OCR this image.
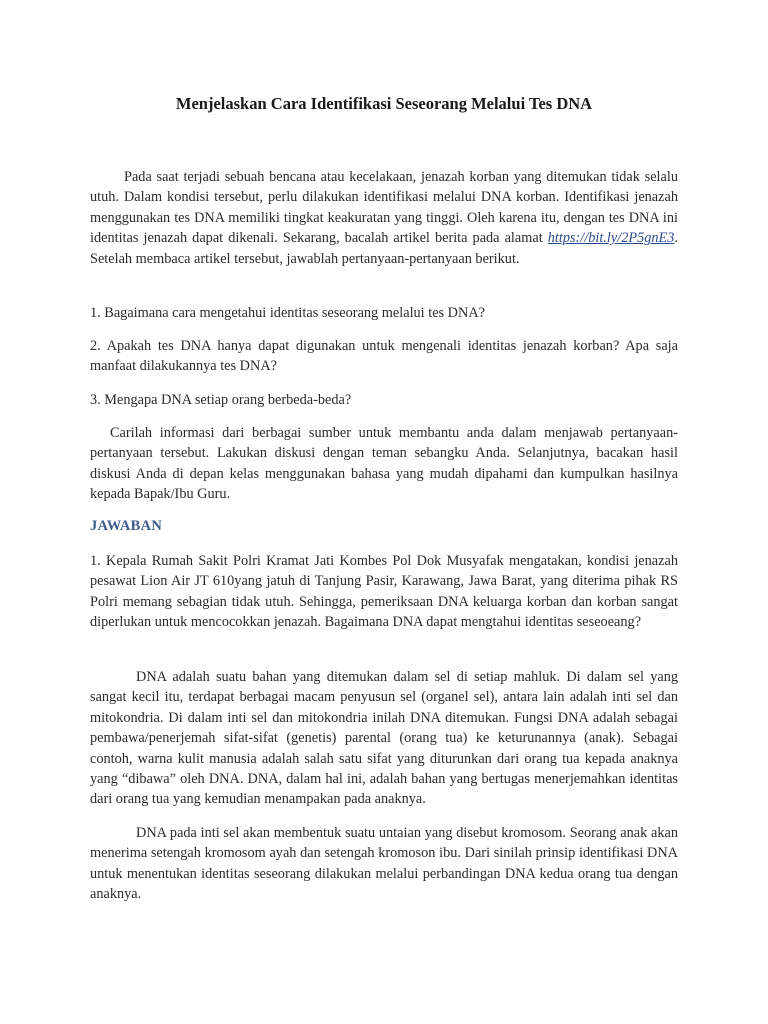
Menjelaskan Cara Identifikasi Seseorang Melalui Tes DNA

Pada saat terjadi sebuah bencana atau kecelakaan, jenazah korban yang ditemukan tidak selalu utuh. Dalam kondisi tersebut, perlu dilakukan identifikasi melalui DNA korban. Identifikasi jenazah menggunakan tes DNA memiliki tingkat keakuratan yang tinggi. Oleh karena itu, dengan tes DNA ini identitas jenazah dapat dikenali. Sekarang, bacalah artikel berita pada alamat https://bit.ly/2P5gnE3. Setelah membaca artikel tersebut, jawablah pertanyaan-pertanyaan berikut.

1. Bagaimana cara mengetahui identitas seseorang melalui tes DNA?

2. Apakah tes DNA hanya dapat digunakan untuk mengenali identitas jenazah korban? Apa saja manfaat dilakukannya tes DNA?

3. Mengapa DNA setiap orang berbeda-beda?

Carilah informasi dari berbagai sumber untuk membantu anda dalam menjawab pertanyaan-pertanyaan tersebut. Lakukan diskusi dengan teman sebangku Anda. Selanjutnya, bacakan hasil diskusi Anda di depan kelas menggunakan bahasa yang mudah dipahami dan kumpulkan hasilnya kepada Bapak/Ibu Guru.

JAWABAN

1. Kepala Rumah Sakit Polri Kramat Jati Kombes Pol Dok Musyafak mengatakan, kondisi jenazah pesawat Lion Air JT 610yang jatuh di Tanjung Pasir, Karawang, Jawa Barat, yang diterima pihak RS Polri memang sebagian tidak utuh. Sehingga, pemeriksaan DNA keluarga korban dan korban sangat diperlukan untuk mencocokkan jenazah. Bagaimana DNA dapat mengtahui identitas seseoeang?

DNA adalah suatu bahan yang ditemukan dalam sel di setiap mahluk. Di dalam sel yang sangat kecil itu, terdapat berbagai macam penyusun sel (organel sel), antara lain adalah inti sel dan mitokondria. Di dalam inti sel dan mitokondria inilah DNA ditemukan. Fungsi DNA adalah sebagai pembawa/penerjemah sifat-sifat (genetis) parental (orang tua) ke keturunannya (anak). Sebagai contoh, warna kulit manusia adalah salah satu sifat yang diturunkan dari orang tua kepada anaknya yang “dibawa” oleh DNA. DNA, dalam hal ini, adalah bahan yang bertugas menerjemahkan identitas dari orang tua yang kemudian menampakan pada anaknya.

DNA pada inti sel akan membentuk suatu untaian yang disebut kromosom. Seorang anak akan menerima setengah kromosom ayah dan setengah kromoson ibu. Dari sinilah prinsip identifikasi DNA untuk menentukan identitas seseorang dilakukan melalui perbandingan DNA kedua orang tua dengan anaknya.
